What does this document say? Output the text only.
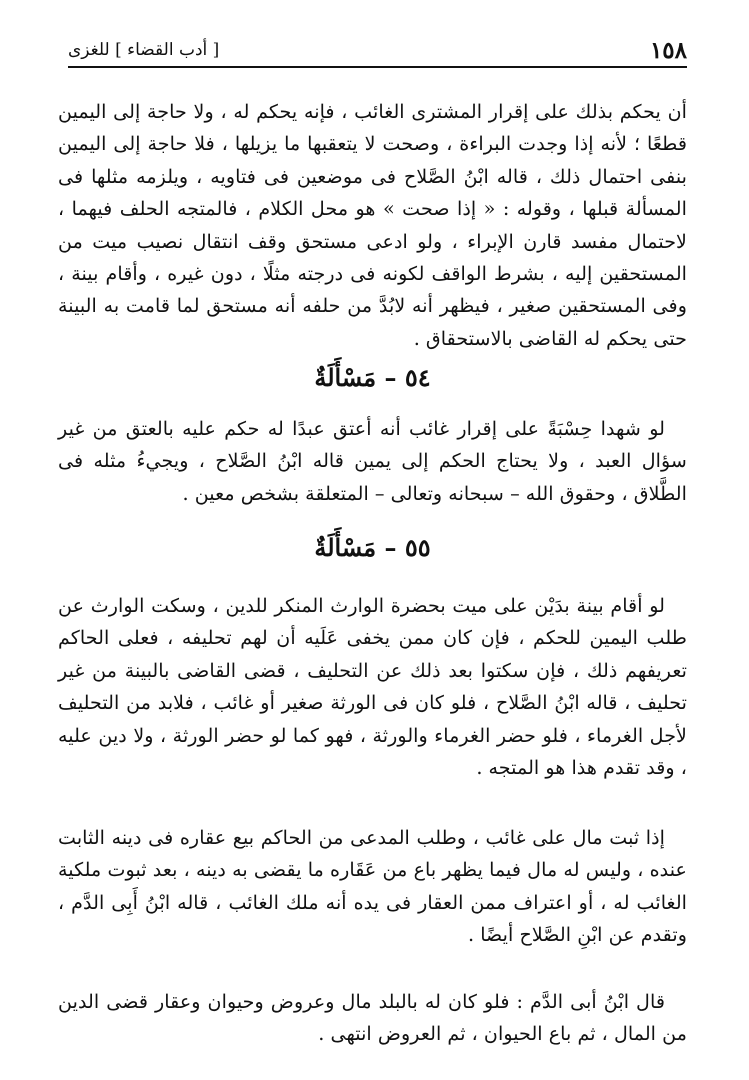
١٥٨
[ أدب القضاء ] للغزى

أن يحكم بذلك على إقرار المشترى الغائب ، فإنه يحكم له ، ولا حاجة إلى اليمين قطعًا ؛ لأنه إذا وجدت البراءة ، وصحت لا يتعقبها ما يزيلها ، فلا حاجة إلى اليمين بنفى احتمال ذلك ، قاله ابْنُ الصَّلاح فى موضعين فى فتاويه ، ويلزمه مثلها فى المسألة قبلها ، وقوله : « إذا صحت » هو محل الكلام ، فالمتجه الحلف فيهما ، لاحتمال مفسد قارن الإبراء ، ولو ادعى مستحق وقف انتقال نصيب ميت من المستحقين إليه ، بشرط الواقف لكونه فى درجته مثلًا ، دون غيره ، وأقام بينة ، وفى المستحقين صغير ، فيظهر أنه لابُدَّ من حلفه أنه مستحق لما قامت به البينة حتى يحكم له القاضى بالاستحقاق .

٥٤ – مَسْأَلَةٌ

لو شهدا حِسْبَةً على إقرار غائب أنه أعتق عبدًا له حكم عليه بالعتق من غير سؤال العبد ، ولا يحتاج الحكم إلى يمين قاله ابْنُ الصَّلاح ، ويجيءُ مثله فى الطَّلاق ، وحقوق الله – سبحانه وتعالى – المتعلقة بشخص معين .

٥٥ – مَسْأَلَةٌ

لو أقام بينة بدَيْن على ميت بحضرة الوارث المنكر للدين ، وسكت الوارث عن طلب اليمين للحكم ، فإن كان ممن يخفى عَلَيه أن لهم تحليفه ، فعلى الحاكم تعريفهم ذلك ، فإن سكتوا بعد ذلك عن التحليف ، قضى القاضى بالبينة من غير تحليف ، قاله ابْنُ الصَّلاح ، فلو كان فى الورثة صغير أو غائب ، فلابد من التحليف لأجل الغرماء ، فلو حضر الغرماء والورثة ، فهو كما لو حضر الورثة ، ولا دين عليه ، وقد تقدم هذا هو المتجه .

إذا ثبت مال على غائب ، وطلب المدعى من الحاكم بيع عقاره فى دينه الثابت عنده ، وليس له مال فيما يظهر باع من عَقَاره ما يقضى به دينه ، بعد ثبوت ملكية الغائب له ، أو اعتراف ممن العقار فى يده أنه ملك الغائب ، قاله ابْنُ أَبِى الدَّم ، وتقدم عن ابْنِ الصَّلاح أيضًا .

قال ابْنُ أبى الدَّم : فلو كان له بالبلد مال وعروض وحيوان وعقار قضى الدين من المال ، ثم باع الحيوان ، ثم العروض انتهى .
